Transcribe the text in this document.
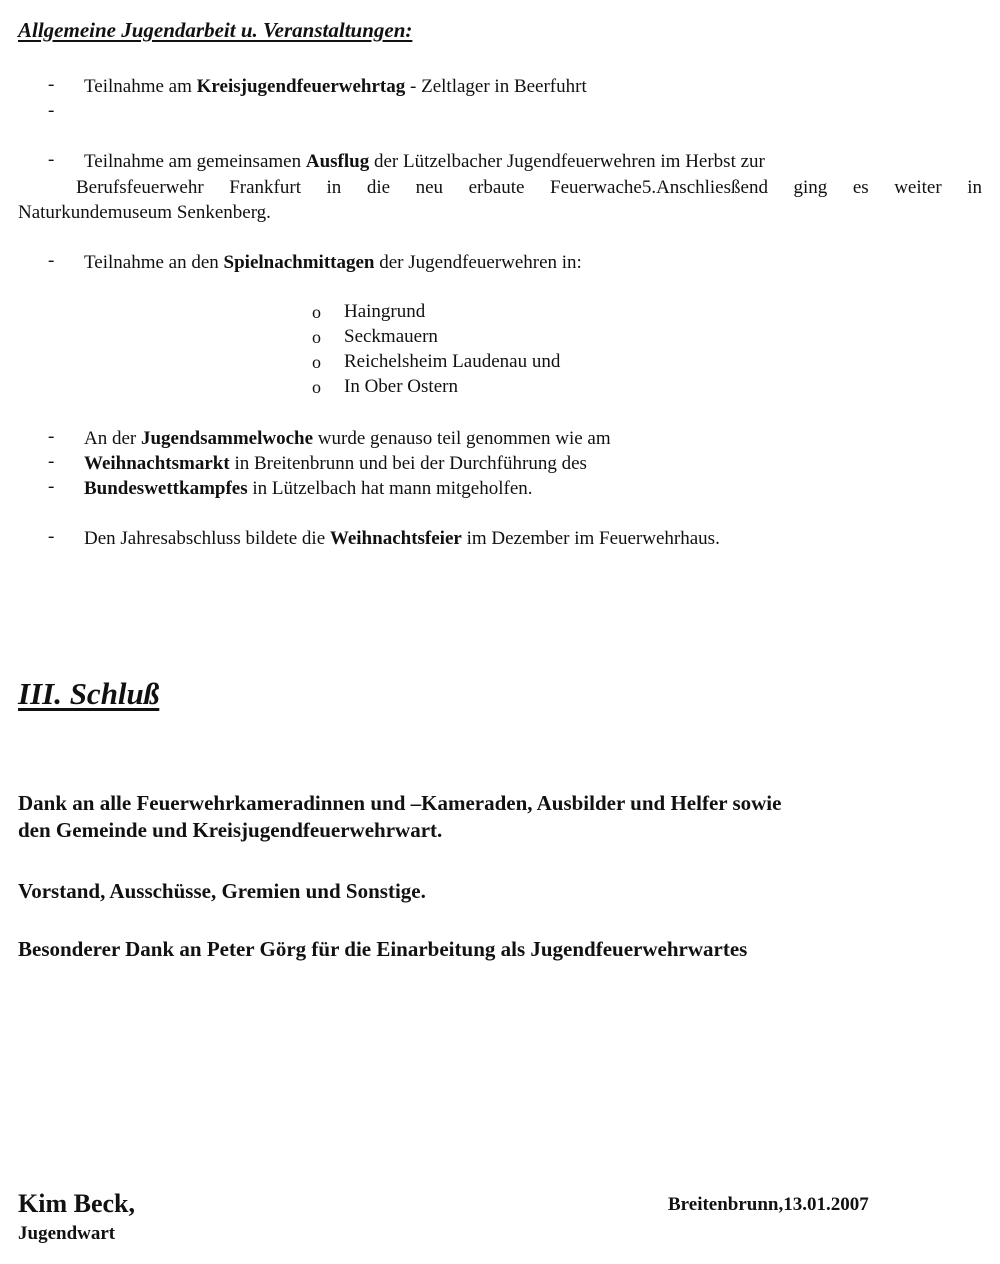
Allgemeine Jugendarbeit u. Veranstaltungen:
- Teilnahme am Kreisjugendfeuerwehrtag - Zeltlager in Beerfuhrt
-
- Teilnahme am gemeinsamen Ausflug der Lützelbacher Jugendfeuerwehren im Herbst zur
Berufsfeuerwehr Frankfurt in die neu erbaute Feuerwache5.Anschliesßend ging es weiter in
Naturkundemuseum Senkenberg.
- Teilnahme an den Spielnachmittagen der Jugendfeuerwehren in:
o Haingrund
o Seckmauern
o Reichelsheim Laudenau und
o In Ober Ostern
- An der Jugendsammelwoche wurde genauso teil genommen wie am
- Weihnachtsmarkt in Breitenbrunn und bei der Durchführung des
- Bundeswettkampfes in Lützelbach hat mann mitgeholfen.
- Den Jahresabschluss bildete die Weihnachtsfeier im Dezember im Feuerwehrhaus.
III. Schluß
Dank an alle Feuerwehrkameradinnen und –Kameraden, Ausbilder und Helfer sowie
den Gemeinde und Kreisjugendfeuerwehrwart.
Vorstand, Ausschüsse, Gremien und Sonstige.
Besonderer Dank an Peter Görg für die Einarbeitung als Jugendfeuerwehrwartes
Kim Beck,
Jugendwart
Breitenbrunn,13.01.2007
